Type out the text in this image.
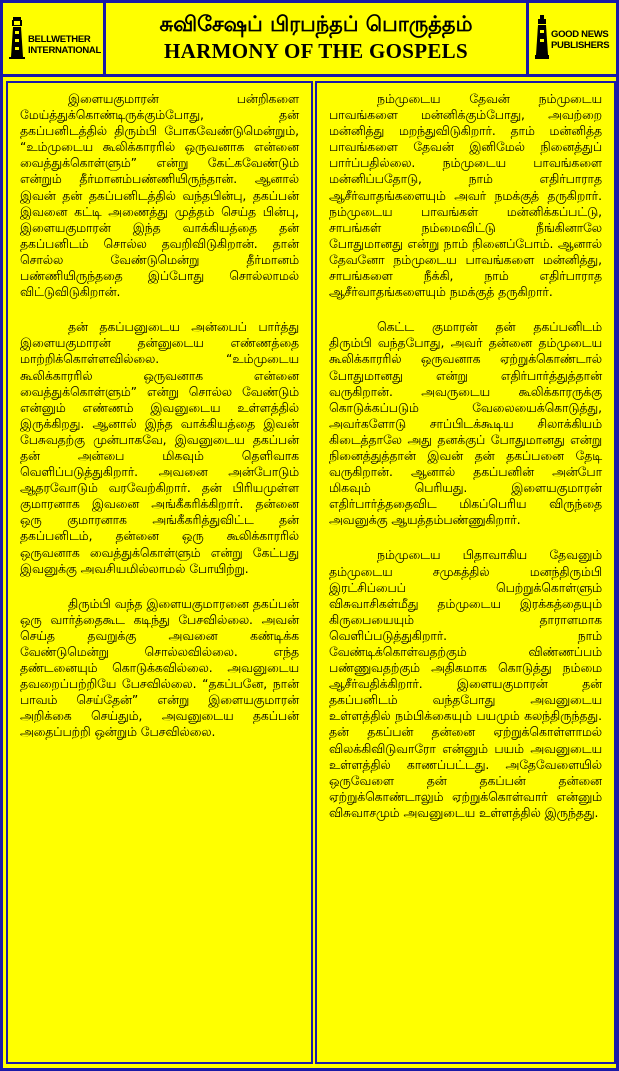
BELLWETHER
INTERNATIONAL
சுவிசேஷப் பிரபந்தப் பொருத்தம்
HARMONY OF THE GOSPELS
GOOD NEWS
PUBLISHERS

இளையகுமாரன் பன்றிகளை மேய்த்துக்கொண்டிருக்கும்போது, தன் தகப்பனிடத்தில் திரும்பி போகவேண்டுமென்றும், “உம்முடைய கூலிக்காரரில் ஒருவனாக என்னை வைத்துக்கொள்ளும்” என்று கேட்கவேண்டும் என்றும் தீர்மானம்பண்ணியிருந்தான். ஆனால் இவன் தன் தகப்பனிடத்தில் வந்தபின்பு, தகப்பன் இவனை கட்டி அணைத்து முத்தம் செய்த பின்பு, இளையகுமாரன் இந்த வாக்கியத்தை தன் தகப்பனிடம் சொல்ல தவறிவிடுகிறான். தான் சொல்ல வேண்டுமென்று தீர்மானம் பண்ணியிருந்ததை இப்போது சொல்லாமல் விட்டுவிடுகிறான்.

தன் தகப்பனுடைய அன்பைப் பார்த்து இளையகுமாரன் தன்னுடைய எண்ணத்தை மாற்றிக்கொள்ளவில்லை. “உம்முடைய கூலிக்காரரில் ஒருவனாக என்னை வைத்துக்கொள்ளும்” என்று சொல்ல வேண்டும் என்னும் எண்ணம் இவனுடைய உள்ளத்தில் இருக்கிறது. ஆனால் இந்த வாக்கியத்தை இவன் பேசுவதற்கு முன்பாகவே, இவனுடைய தகப்பன் தன் அன்பை மிகவும் தெளிவாக வெளிப்படுத்துகிறார். அவனை அன்போடும் ஆதரவோடும் வரவேற்கிறார். தன் பிரியமுள்ள குமாரனாக இவனை அங்கீகரிக்கிறார். தன்னை ஒரு குமாரனாக அங்கீகரித்துவிட்ட தன் தகப்பனிடம், தன்னை ஒரு கூலிக்காரரில் ஒருவனாக வைத்துக்கொள்ளும் என்று கேட்பது இவனுக்கு அவசியமில்லாமல் போயிற்று.

திரும்பி வந்த இளையகுமாரனை தகப்பன் ஒரு வார்த்தைகூட கடிந்து பேசவில்லை. அவன் செய்த தவறுக்கு அவனை கண்டிக்க வேண்டுமென்று சொல்லவில்லை. எந்த தண்டனையும் கொடுக்கவில்லை. அவனுடைய தவறைப்பற்றியே பேசவில்லை. “தகப்பனே, நான் பாவம் செய்தேன்” என்று இளையகுமாரன் அறிக்கை செய்தும், அவனுடைய தகப்பன் அதைப்பற்றி ஒன்றும் பேசவில்லை.

நம்முடைய தேவன் நம்முடைய பாவங்களை மன்னிக்கும்போது, அவற்றை மன்னித்து மறந்துவிடுகிறார். தாம் மன்னித்த பாவங்களை தேவன் இனிமேல் நினைத்துப் பார்ப்பதில்லை. நம்முடைய பாவங்களை மன்னிப்பதோடு, நாம் எதிர்பாராத ஆசீர்வாதங்களையும் அவர் நமக்குத் தருகிறார். நம்முடைய பாவங்கள் மன்னிக்கப்பட்டு, சாபங்கள் நம்மைவிட்டு நீங்கினாலே போதுமானது என்று நாம் நினைப்போம். ஆனால் தேவனோ நம்முடைய பாவங்களை மன்னித்து, சாபங்களை நீக்கி, நாம் எதிர்பாராத ஆசீர்வாதங்களையும் நமக்குத் தருகிறார்.

கெட்ட குமாரன் தன் தகப்பனிடம் திரும்பி வந்தபோது, அவர் தன்னை தம்முடைய கூலிக்காரரில் ஒருவனாக ஏற்றுக்கொண்டால் போதுமானது என்று எதிர்பார்த்துத்தான் வருகிறான். அவருடைய கூலிக்காரருக்கு கொடுக்கப்படும் வேலையைக்கொடுத்து, அவர்களோடு சாப்பிடக்கூடிய சிலாக்கியம் கிடைத்தாலே அது தனக்குப் போதுமானது என்று நினைத்துத்தான் இவன் தன் தகப்பனை தேடி வருகிறான். ஆனால் தகப்பனின் அன்போ மிகவும் பெரியது. இளையகுமாரன் எதிர்பார்த்ததைவிட மிகப்பெரிய விருந்தை அவனுக்கு ஆயத்தம்பண்ணுகிறார்.

நம்முடைய பிதாவாகிய தேவனும் தம்முடைய சமுகத்தில் மனந்திரும்பி இரட்சிப்பைப் பெற்றுக்கொள்ளும் விசுவாசிகள்மீது தம்முடைய இரக்கத்தையும் கிருபையையும் தாராளமாக வெளிப்படுத்துகிறார். நாம் வேண்டிக்கொள்வதற்கும் விண்ணப்பம் பண்ணுவதற்கும் அதிகமாக கொடுத்து நம்மை ஆசீர்வதிக்கிறார். இளையகுமாரன் தன் தகப்பனிடம் வந்தபோது அவனுடைய உள்ளத்தில் நம்பிக்கையும் பயமும் கலந்திருந்தது. தன் தகப்பன் தன்னை ஏற்றுக்கொள்ளாமல் விலக்கிவிடுவாரோ என்னும் பயம் அவனுடைய உள்ளத்தில் காணப்பட்டது. அதேவேளையில் ஒருவேளை தன் தகப்பன் தன்னை ஏற்றுக்கொண்டாலும் ஏற்றுக்கொள்வார் என்னும் விசுவாசமும் அவனுடைய உள்ளத்தில் இருந்தது.
